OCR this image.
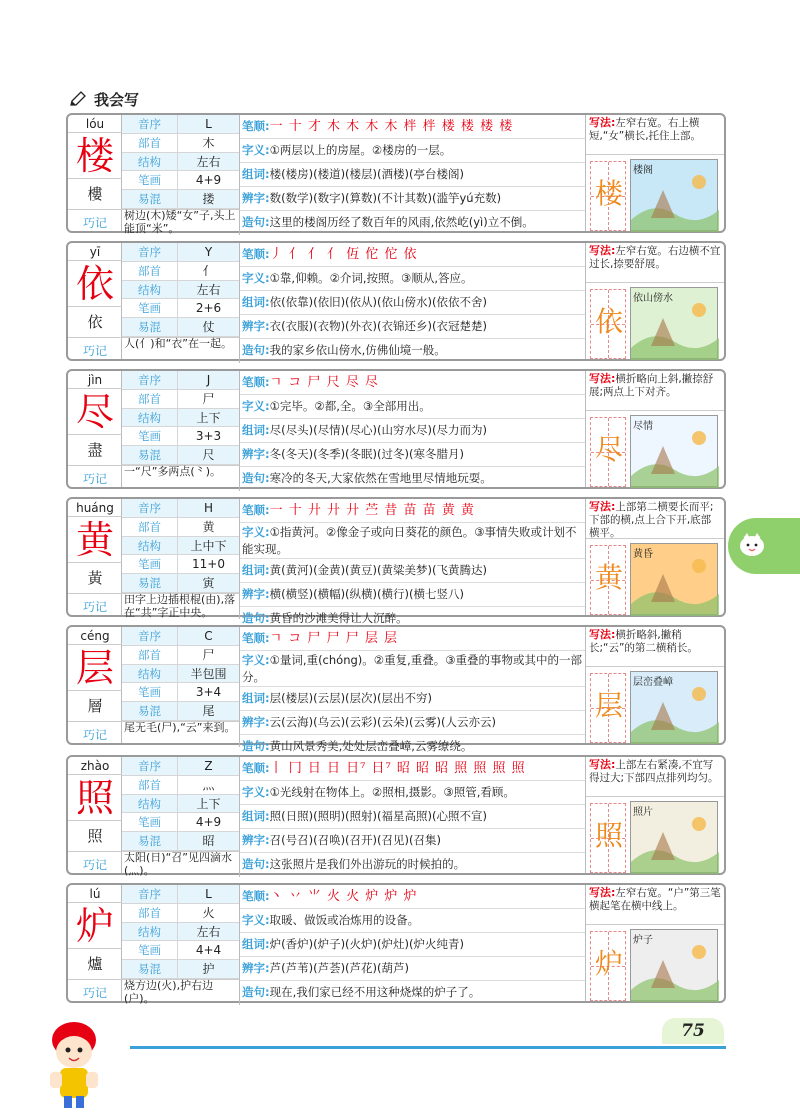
我会写
lóu
楼
樓
巧记
音序	L
部首	木
结构	左右
笔画	4+9
易混	搂
树边(木)矮“女”子,头上能顶“米”。
笔顺:一 十 才 木 木 木 木 柈 柈 楼 楼 楼 楼
字义:①两层以上的房屋。②楼房的一层。
组词:楼(楼房)(楼道)(楼层)(酒楼)(亭台楼阁)
辨字:数(数学)(数字)(算数)(不计其数)(滥竽yú充数)
造句:这里的楼阁历经了数百年的风雨,依然屹(yì)立不倒。
写法:左窄右宽。右上横短,“女”横长,托住上部。
楼
楼阁
yī
依
依
巧记
音序	Y
部首	亻
结构	左右
笔画	2+6
易混	仗
人(亻)和“衣”在一起。
笔顺:丿 亻 亻 亻 仾 佗 佗 依
字义:①靠,仰赖。②介词,按照。③顺从,答应。
组词:依(依靠)(依旧)(依从)(依山傍水)(依依不舍)
辨字:衣(衣服)(衣物)(外衣)(衣锦还乡)(衣冠楚楚)
造句:我的家乡依山傍水,仿佛仙境一般。
写法:左窄右宽。右边横不宜过长,捺要舒展。
依
依山傍水
jìn
尽
盡
巧记
音序	J
部首	尸
结构	上下
笔画	3+3
易混	尺
一“尺”多两点(⺀)。
笔顺:ㄱ コ 尸 尺 尽 尽
字义:①完毕。②都,全。③全部用出。
组词:尽(尽头)(尽情)(尽心)(山穷水尽)(尽力而为)
辨字:冬(冬天)(冬季)(冬眠)(过冬)(寒冬腊月)
造句:寒冷的冬天,大家依然在雪地里尽情地玩耍。
写法:横折略向上斜,撇捺舒展;两点上下对齐。
尽
尽情
huáng
黄
黃
巧记
音序	H
部首	黄
结构	上中下
笔画	11+0
易混	寅
田字上边插根棍(由),落在“共”字正中央。
笔顺:一 十 廾 廾 廾 苎 昔 苗 苗 黄 黄
字义:①指黄河。②像金子或向日葵花的颜色。③事情失败或计划不能实现。
组词:黄(黄河)(金黄)(黄豆)(黄粱美梦)(飞黄腾达)
辨字:横(横竖)(横幅)(纵横)(横行)(横七竖八)
造句:黄昏的沙滩美得让人沉醉。
写法:上部第二横要长而平;下部的横,点上合下开,底部横平。
黄
黄昏
céng
层
層
巧记
音序	C
部首	尸
结构	半包围
笔画	3+4
易混	尾
尾无毛(尸),“云”来到。
笔顺:ㄱ コ 尸 尸 尸 层 层
字义:①量词,重(chóng)。②重复,重叠。③重叠的事物或其中的一部分。
组词:层(楼层)(云层)(层次)(层出不穷)
辨字:云(云海)(乌云)(云彩)(云朵)(云雾)(人云亦云)
造句:黄山风景秀美,处处层峦叠嶂,云雾缭绕。
写法:横折略斜,撇稍长;“云”的第二横稍长。
层
层峦叠嶂
zhào
照
照
巧记
音序	Z
部首	灬
结构	上下
笔画	4+9
易混	昭
太阳(日)“召”见四滴水(灬)。
笔顺:丨 冂 日 日 日⁷ 日⁷ 昭 昭 昭 照 照 照 照
字义:①光线射在物体上。②照相,摄影。③照管,看顾。
组词:照(日照)(照明)(照射)(福星高照)(心照不宣)
辨字:召(号召)(召唤)(召开)(召见)(召集)
造句:这张照片是我们外出游玩的时候拍的。
写法:上部左右紧凑,不宜写得过大;下部四点排列均匀。
照
照片
lú
炉
爐
巧记
音序	L
部首	火
结构	左右
笔画	4+4
易混	护
烧方边(火),护右边(户)。
笔顺:丶 丷 ⺌ 火 火 炉 炉 炉
字义:取暖、做饭或冶炼用的设备。
组词:炉(香炉)(炉子)(火炉)(炉灶)(炉火纯青)
辨字:芦(芦苇)(芦荟)(芦花)(葫芦)
造句:现在,我们家已经不用这种烧煤的炉子了。
写法:左窄右宽。“户”第三笔横起笔在横中线上。
炉
炉子
75
